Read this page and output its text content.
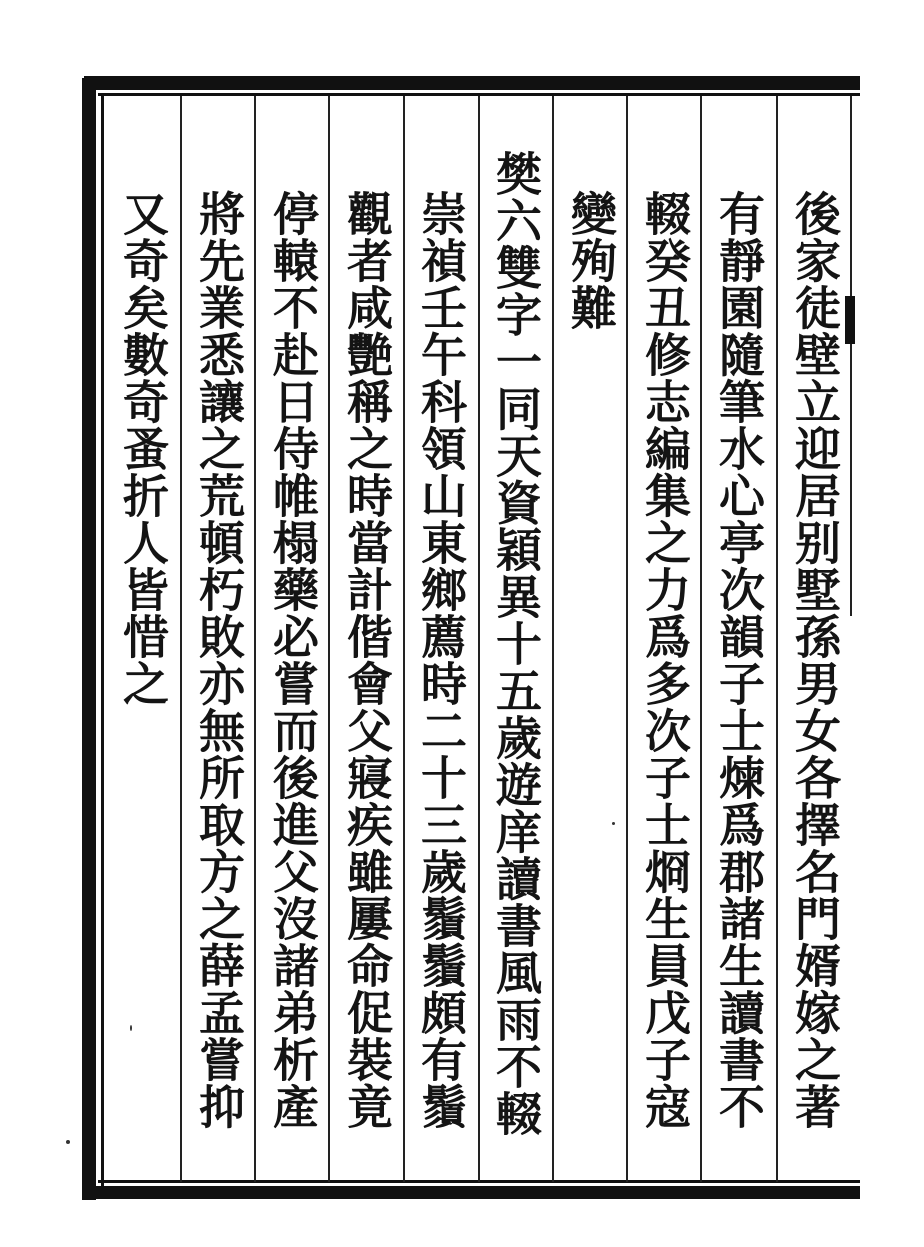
後家徒壁立迎居别墅孫男女各擇名門婿嫁之著
有靜園隨筆水心亭次韻子士煉爲郡諸生讀書不
輟癸丑修志編集之力爲多次子士烱生員戊子寇
變殉難
樊六雙字一同天資穎異十五歲遊庠讀書風雨不輟
崇禎壬午科領山東鄉薦時二十三歲鬚鬚頗有鬚
觀者咸艷稱之時當計偕會父寢疾雖屢命促裝竟
停轅不赴日侍帷榻藥必嘗而後進父沒諸弟析產
將先業悉讓之荒頓朽敗亦無所取方之薛孟嘗抑
又奇矣數奇蚤折人皆惜之
